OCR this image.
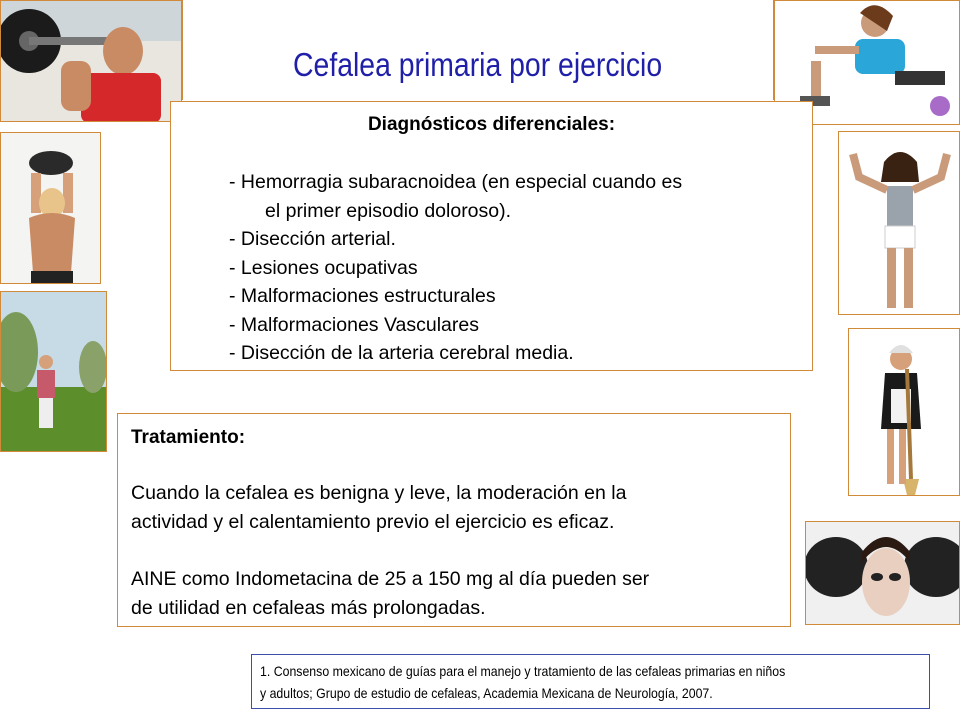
Cefalea primaria por ejercicio
Diagnósticos diferenciales:
- Hemorragia subaracnoidea (en especial cuando es
el primer episodio doloroso).
- Disección arterial.
- Lesiones ocupativas
- Malformaciones estructurales
- Malformaciones Vasculares
- Disección de la arteria cerebral media.
Tratamiento:
Cuando la cefalea es benigna y leve, la moderación en la
actividad y el calentamiento previo el ejercicio es eficaz.
AINE como Indometacina de 25 a 150 mg al día pueden ser
de utilidad en cefaleas más prolongadas.
1. Consenso mexicano de guías para el manejo y tratamiento de las cefaleas primarias en niños
y adultos; Grupo de estudio de cefaleas, Academia Mexicana de Neurología, 2007.
